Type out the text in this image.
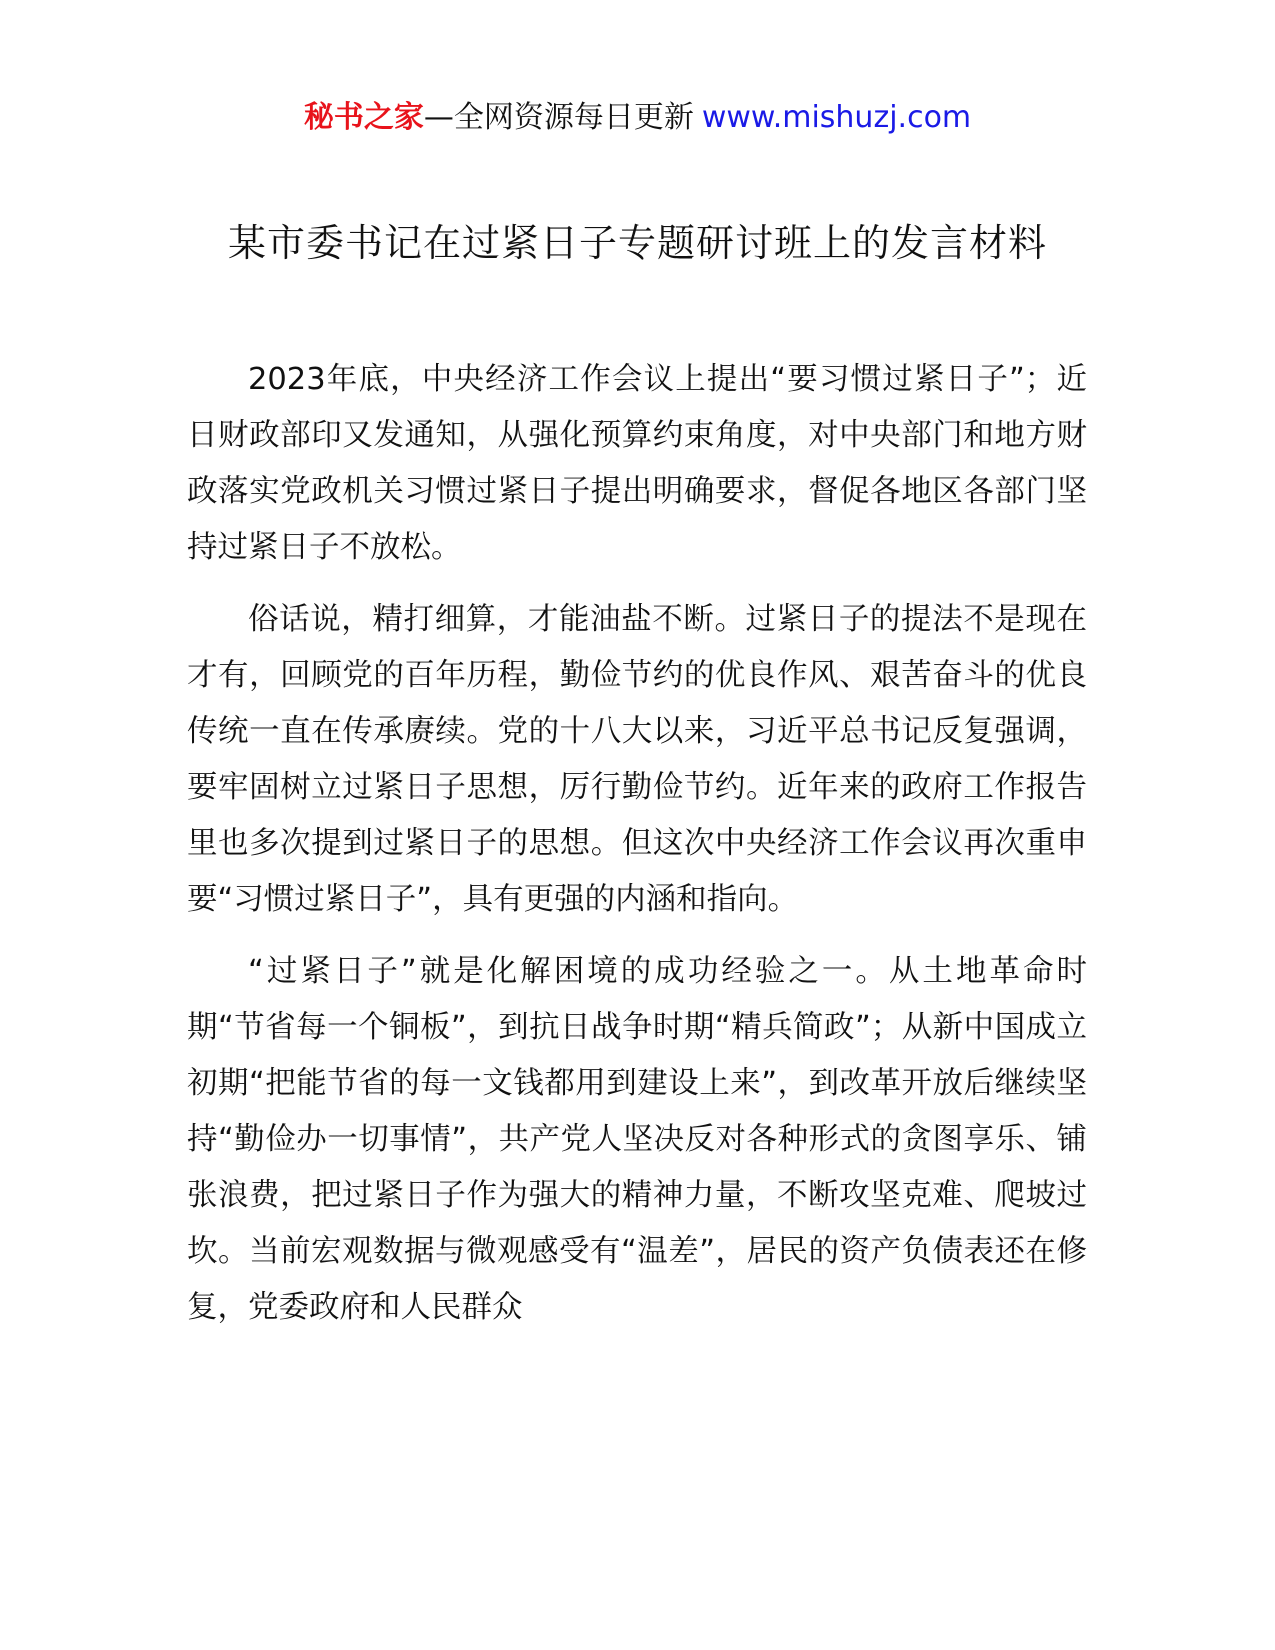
秘书之家—全网资源每日更新 www.mishuzj.com
某市委书记在过紧日子专题研讨班上的发言材料

2023年底，中央经济工作会议上提出“要习惯过紧日子”；近日财政部印又发通知，从强化预算约束角度，对中央部门和地方财政落实党政机关习惯过紧日子提出明确要求，督促各地区各部门坚持过紧日子不放松。

俗话说，精打细算，才能油盐不断。过紧日子的提法不是现在才有，回顾党的百年历程，勤俭节约的优良作风、艰苦奋斗的优良传统一直在传承赓续。党的十八大以来，习近平总书记反复强调，要牢固树立过紧日子思想，厉行勤俭节约。近年来的政府工作报告里也多次提到过紧日子的思想。但这次中央经济工作会议再次重申要“习惯过紧日子”，具有更强的内涵和指向。

“过紧日子”就是化解困境的成功经验之一。从土地革命时期“节省每一个铜板”，到抗日战争时期“精兵简政”；从新中国成立初期“把能节省的每一文钱都用到建设上来”，到改革开放后继续坚持“勤俭办一切事情”，共产党人坚决反对各种形式的贪图享乐、铺张浪费，把过紧日子作为强大的精神力量，不断攻坚克难、爬坡过坎。当前宏观数据与微观感受有“温差”，居民的资产负债表还在修复，党委政府和人民群众
